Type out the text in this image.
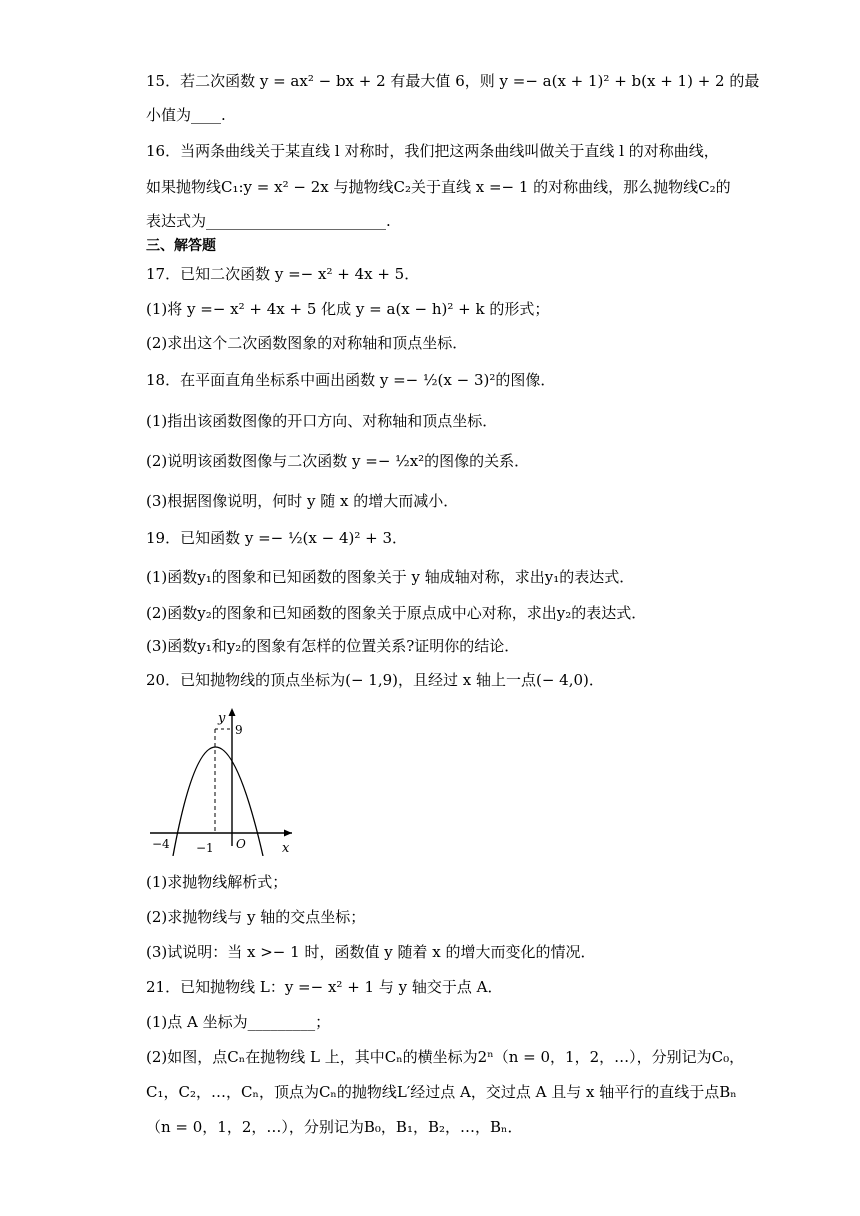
15．若二次函数 y = ax² − bx + 2 有最大值 6，则 y =− a(x + 1)² + b(x + 1) + 2 的最
小值为____.
16．当两条曲线关于某直线 l 对称时，我们把这两条曲线叫做关于直线 l 的对称曲线，
如果抛物线C₁:y = x² − 2x 与抛物线C₂关于直线 x =− 1 的对称曲线，那么抛物线C₂的
表达式为________________________.
三、解答题
17．已知二次函数 y =− x² + 4x + 5．
(1)将 y =− x² + 4x + 5 化成 y = a(x − h)² + k 的形式；
(2)求出这个二次函数图象的对称轴和顶点坐标．
18．在平面直角坐标系中画出函数 y =− ½(x − 3)²的图像．
(1)指出该函数图像的开口方向、对称轴和顶点坐标．
(2)说明该函数图像与二次函数 y =− ½x²的图像的关系．
(3)根据图像说明，何时 y 随 x 的增大而减小．
19．已知函数 y =− ½(x − 4)² + 3．
(1)函数y₁的图象和已知函数的图象关于 y 轴成轴对称，求出y₁的表达式．
(2)函数y₂的图象和已知函数的图象关于原点成中心对称，求出y₂的表达式．
(3)函数y₁和y₂的图象有怎样的位置关系?证明你的结论．
20．已知抛物线的顶点坐标为(− 1,9)，且经过 x 轴上一点(− 4,0)．
y
9
−4 −1 O	x
(1)求抛物线解析式；
(2)求抛物线与 y 轴的交点坐标；
(3)试说明：当 x >− 1 时，函数值 y 随着 x 的增大而变化的情况．
21．已知抛物线 L：y =− x² + 1 与 y 轴交于点 A．
(1)点 A 坐标为_________；
(2)如图，点Cₙ在抛物线 L 上，其中Cₙ的横坐标为2ⁿ（n = 0，1，2，…），分别记为C₀，
C₁，C₂，…，Cₙ，顶点为Cₙ的抛物线L′经过点 A，交过点 A 且与 x 轴平行的直线于点Bₙ
（n = 0，1，2，…），分别记为B₀，B₁，B₂，…，Bₙ．
